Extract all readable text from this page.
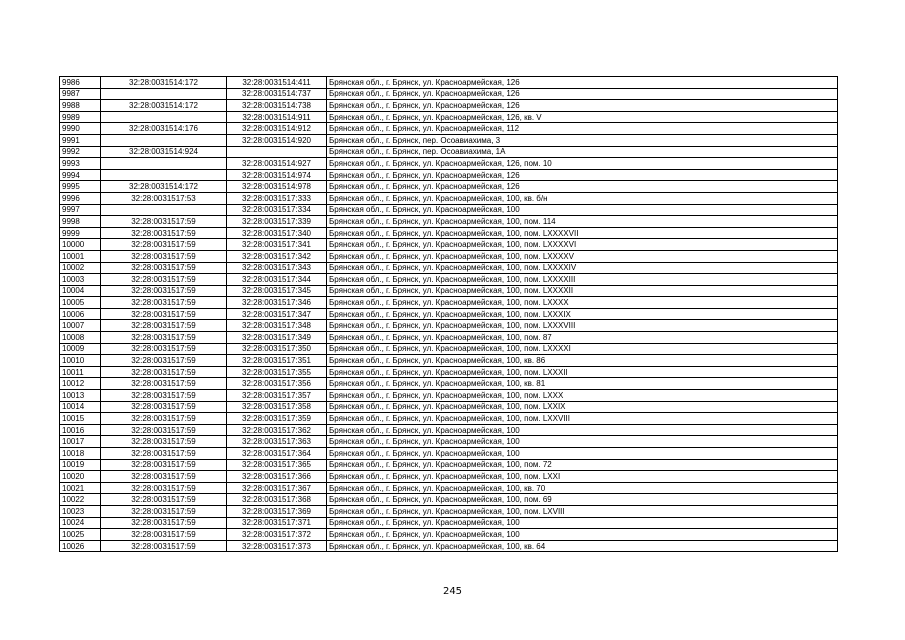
9986	32:28:0031514:172	32:28:0031514:411	Брянская обл., г. Брянск, ул. Красноармейская, 126
9987		32:28:0031514:737	Брянская обл., г. Брянск, ул. Красноармейская, 126
9988	32:28:0031514:172	32:28:0031514:738	Брянская обл., г. Брянск, ул. Красноармейская, 126
9989		32:28:0031514:911	Брянская обл., г. Брянск, ул. Красноармейская, 126, кв. V
9990	32:28:0031514:176	32:28:0031514:912	Брянская обл., г. Брянск, ул. Красноармейская, 112
9991		32:28:0031514:920	Брянская обл., г. Брянск, пер. Осоавиахима, 3
9992	32:28:0031514:924		Брянская обл., г. Брянск, пер. Осоавиахима, 1А
9993		32:28:0031514:927	Брянская обл., г. Брянск, ул. Красноармейская, 126, пом. 10
9994		32:28:0031514:974	Брянская обл., г. Брянск, ул. Красноармейская, 126
9995	32:28:0031514:172	32:28:0031514:978	Брянская обл., г. Брянск, ул. Красноармейская, 126
9996	32:28:0031517:53	32:28:0031517:333	Брянская обл., г. Брянск, ул. Красноармейская, 100, кв. б/н
9997		32:28:0031517:334	Брянская обл., г. Брянск, ул. Красноармейская, 100
9998	32:28:0031517:59	32:28:0031517:339	Брянская обл., г. Брянск, ул. Красноармейская, 100, пом. 114
9999	32:28:0031517:59	32:28:0031517:340	Брянская обл., г. Брянск, ул. Красноармейская, 100, пом. LXXXXVII
10000	32:28:0031517:59	32:28:0031517:341	Брянская обл., г. Брянск, ул. Красноармейская, 100, пом. LXXXXVI
10001	32:28:0031517:59	32:28:0031517:342	Брянская обл., г. Брянск, ул. Красноармейская, 100, пом. LXXXXV
10002	32:28:0031517:59	32:28:0031517:343	Брянская обл., г. Брянск, ул. Красноармейская, 100, пом. LXXXXIV
10003	32:28:0031517:59	32:28:0031517:344	Брянская обл., г. Брянск, ул. Красноармейская, 100, пом. LXXXXIII
10004	32:28:0031517:59	32:28:0031517:345	Брянская обл., г. Брянск, ул. Красноармейская, 100, пом. LXXXXII
10005	32:28:0031517:59	32:28:0031517:346	Брянская обл., г. Брянск, ул. Красноармейская, 100, пом. LXXXX
10006	32:28:0031517:59	32:28:0031517:347	Брянская обл., г. Брянск, ул. Красноармейская, 100, пом. LXXXIX
10007	32:28:0031517:59	32:28:0031517:348	Брянская обл., г. Брянск, ул. Красноармейская, 100, пом. LXXXVIII
10008	32:28:0031517:59	32:28:0031517:349	Брянская обл., г. Брянск, ул. Красноармейская, 100, пом. 87
10009	32:28:0031517:59	32:28:0031517:350	Брянская обл., г. Брянск, ул. Красноармейская, 100, пом. LXXXXI
10010	32:28:0031517:59	32:28:0031517:351	Брянская обл., г. Брянск, ул. Красноармейская, 100, кв. 86
10011	32:28:0031517:59	32:28:0031517:355	Брянская обл., г. Брянск, ул. Красноармейская, 100, пом. LXXXII
10012	32:28:0031517:59	32:28:0031517:356	Брянская обл., г. Брянск, ул. Красноармейская, 100, кв. 81
10013	32:28:0031517:59	32:28:0031517:357	Брянская обл., г. Брянск, ул. Красноармейская, 100, пом. LXXX
10014	32:28:0031517:59	32:28:0031517:358	Брянская обл., г. Брянск, ул. Красноармейская, 100, пом. LXXIX
10015	32:28:0031517:59	32:28:0031517:359	Брянская обл., г. Брянск, ул. Красноармейская, 100, пом. LXXVIII
10016	32:28:0031517:59	32:28:0031517:362	Брянская обл., г. Брянск, ул. Красноармейская, 100
10017	32:28:0031517:59	32:28:0031517:363	Брянская обл., г. Брянск, ул. Красноармейская, 100
10018	32:28:0031517:59	32:28:0031517:364	Брянская обл., г. Брянск, ул. Красноармейская, 100
10019	32:28:0031517:59	32:28:0031517:365	Брянская обл., г. Брянск, ул. Красноармейская, 100, пом. 72
10020	32:28:0031517:59	32:28:0031517:366	Брянская обл., г. Брянск, ул. Красноармейская, 100, пом. LXXI
10021	32:28:0031517:59	32:28:0031517:367	Брянская обл., г. Брянск, ул. Красноармейская, 100, кв. 70
10022	32:28:0031517:59	32:28:0031517:368	Брянская обл., г. Брянск, ул. Красноармейская, 100, пом. 69
10023	32:28:0031517:59	32:28:0031517:369	Брянская обл., г. Брянск, ул. Красноармейская, 100, пом. LXVIII
10024	32:28:0031517:59	32:28:0031517:371	Брянская обл., г. Брянск, ул. Красноармейская, 100
10025	32:28:0031517:59	32:28:0031517:372	Брянская обл., г. Брянск, ул. Красноармейская, 100
10026	32:28:0031517:59	32:28:0031517:373	Брянская обл., г. Брянск, ул. Красноармейская, 100, кв. 64
245
